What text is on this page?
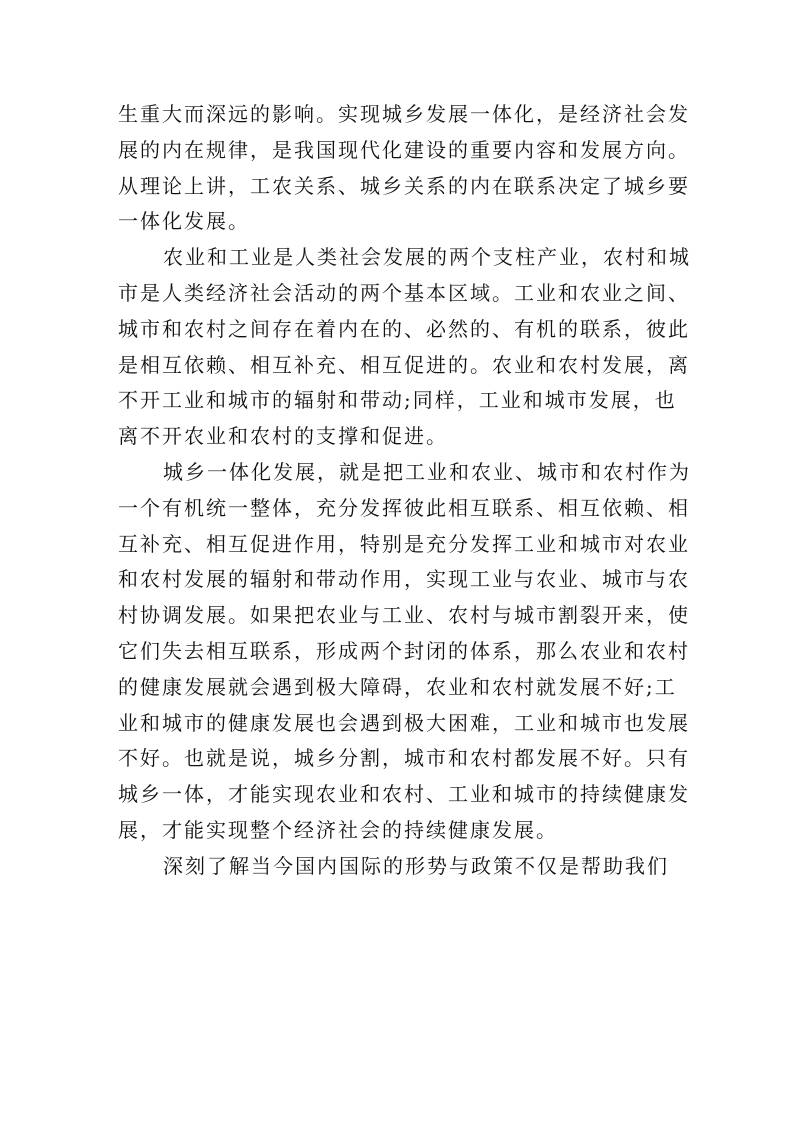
生重大而深远的影响。实现城乡发展一体化，是经济社会发
展的内在规律，是我国现代化建设的重要内容和发展方向。
从理论上讲，工农关系、城乡关系的内在联系决定了城乡要
一体化发展。
农业和工业是人类社会发展的两个支柱产业，农村和城
市是人类经济社会活动的两个基本区域。工业和农业之间、
城市和农村之间存在着内在的、必然的、有机的联系，彼此
是相互依赖、相互补充、相互促进的。农业和农村发展，离
不开工业和城市的辐射和带动;同样，工业和城市发展，也
离不开农业和农村的支撑和促进。
城乡一体化发展，就是把工业和农业、城市和农村作为
一个有机统一整体，充分发挥彼此相互联系、相互依赖、相
互补充、相互促进作用，特别是充分发挥工业和城市对农业
和农村发展的辐射和带动作用，实现工业与农业、城市与农
村协调发展。如果把农业与工业、农村与城市割裂开来，使
它们失去相互联系，形成两个封闭的体系，那么农业和农村
的健康发展就会遇到极大障碍，农业和农村就发展不好;工
业和城市的健康发展也会遇到极大困难，工业和城市也发展
不好。也就是说，城乡分割，城市和农村都发展不好。只有
城乡一体，才能实现农业和农村、工业和城市的持续健康发
展，才能实现整个经济社会的持续健康发展。
深刻了解当今国内国际的形势与政策不仅是帮助我们
